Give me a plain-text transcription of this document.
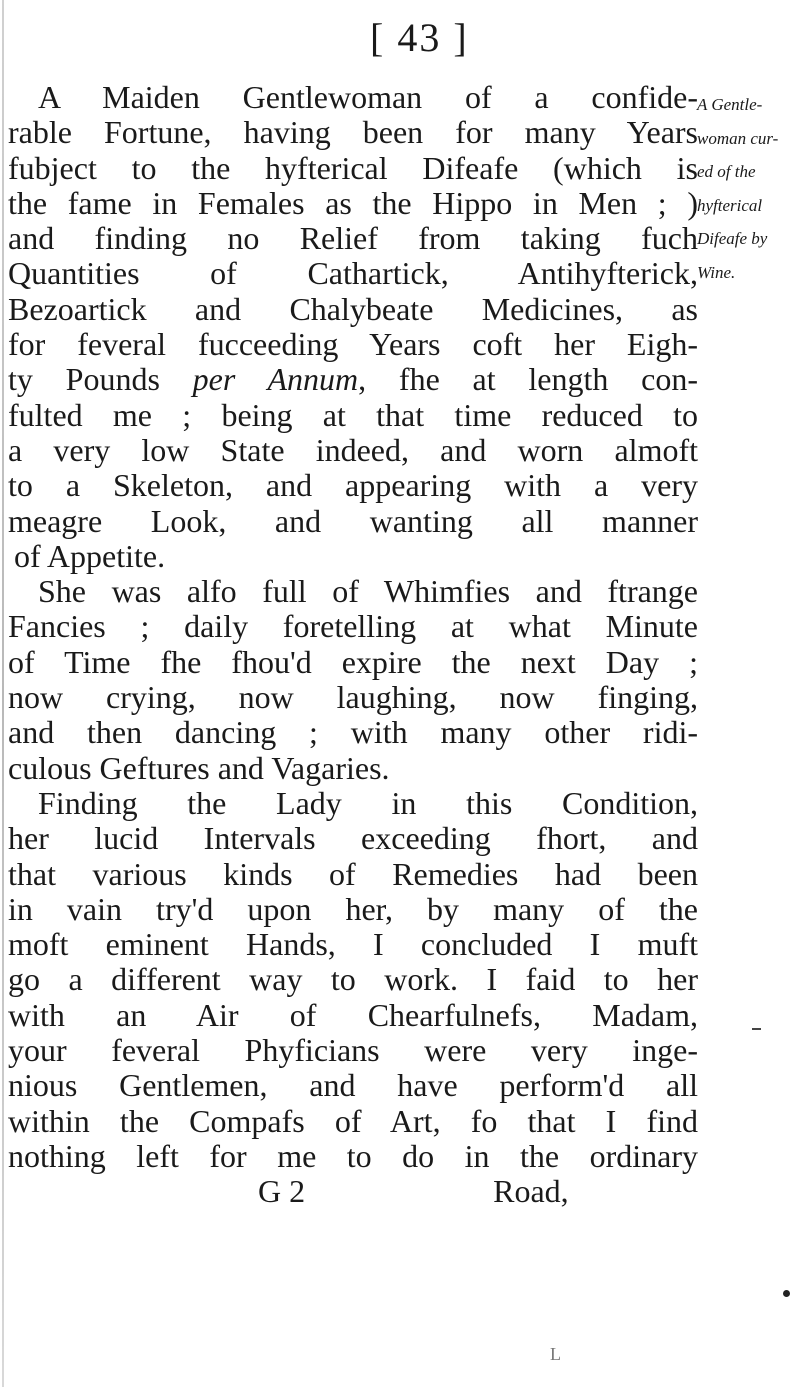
[ 43 ]
A Maiden Gentlewoman of a confide-
rable Fortune, having been for many Years
fubject to the hyfterical Difeafe (which is
the fame in Females as the Hippo in Men ; )
and finding no Relief from taking fuch
Quantities of Cathartick, Antihyfterick,
Bezoartick and Chalybeate Medicines, as
for feveral fucceeding Years coft her Eigh-
ty Pounds per Annum, fhe at length con-
fulted me ; being at that time reduced to
a very low State indeed, and worn almoft
to a Skeleton, and appearing with a very
meagre Look, and wanting all manner
of Appetite.
She was alfo full of Whimfies and ftrange
Fancies ; daily foretelling at what Minute
of Time fhe fhou'd expire the next Day ;
now crying, now laughing, now finging,
and then dancing ; with many other ridi-
culous Geftures and Vagaries.
Finding the Lady in this Condition,
her lucid Intervals exceeding fhort, and
that various kinds of Remedies had been
in vain try'd upon her, by many of the
moft eminent Hands, I concluded I muft
go a different way to work. I faid to her
with an Air of Chearfulnefs, Madam,
your feveral Phyficians were very inge-
nious Gentlemen, and have perform'd all
within the Compafs of Art, fo that I find
nothing left for me to do in the ordinary
G 2	Road,
A Gentle-
woman cur-
ed of the
hyfterical
Difeafe by
Wine.
L
